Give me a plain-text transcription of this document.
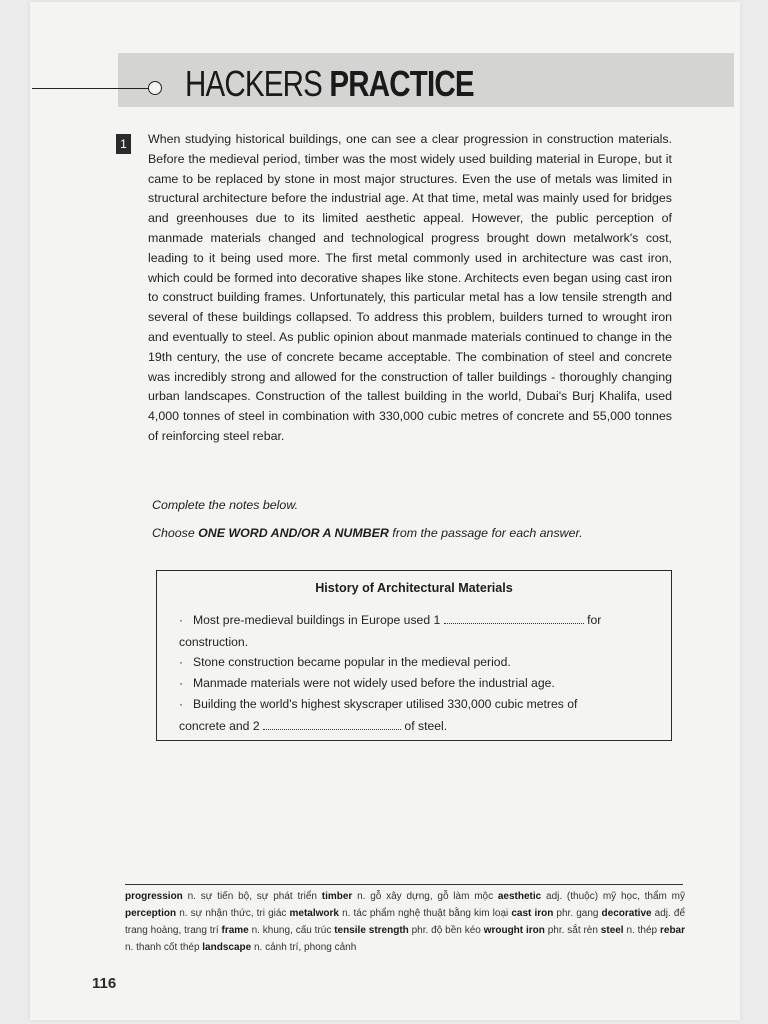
HACKERS PRACTICE
1	When studying historical buildings, one can see a clear progression in construction materials. Before the medieval period, timber was the most widely used building material in Europe, but it came to be replaced by stone in most major structures. Even the use of metals was limited in structural architecture before the industrial age. At that time, metal was mainly used for bridges and greenhouses due to its limited aesthetic appeal. However, the public perception of manmade materials changed and technological progress brought down metalwork's cost, leading to it being used more. The first metal commonly used in architecture was cast iron, which could be formed into decorative shapes like stone. Architects even began using cast iron to construct building frames. Unfortunately, this particular metal has a low tensile strength and several of these buildings collapsed. To address this problem, builders turned to wrought iron and eventually to steel. As public opinion about manmade materials continued to change in the 19th century, the use of concrete became acceptable. The combination of steel and concrete was incredibly strong and allowed for the construction of taller buildings - thoroughly changing urban landscapes. Construction of the tallest building in the world, Dubai's Burj Khalifa, used 4,000 tonnes of steel in combination with 330,000 cubic metres of concrete and 55,000 tonnes of reinforcing steel rebar.
Complete the notes below.
Choose ONE WORD AND/OR A NUMBER from the passage for each answer.
History of Architectural Materials
· Most pre-medieval buildings in Europe used 1	for
construction.
· Stone construction became popular in the medieval period.
· Manmade materials were not widely used before the industrial age.
· Building the world's highest skyscraper utilised 330,000 cubic metres of
concrete and 2	of steel.
progression n. sự tiến bộ, sự phát triển timber n. gỗ xây dựng, gỗ làm mộc aesthetic adj. (thuộc) mỹ học, thẩm mỹ perception n. sự nhận thức, tri giác metalwork n. tác phẩm nghệ thuật bằng kim loại cast iron phr. gang decorative adj. để trang hoàng, trang trí frame n. khung, cấu trúc tensile strength phr. độ bền kéo wrought iron phr. sắt rèn steel n. thép rebar n. thanh cốt thép landscape n. cảnh trí, phong cảnh
116
